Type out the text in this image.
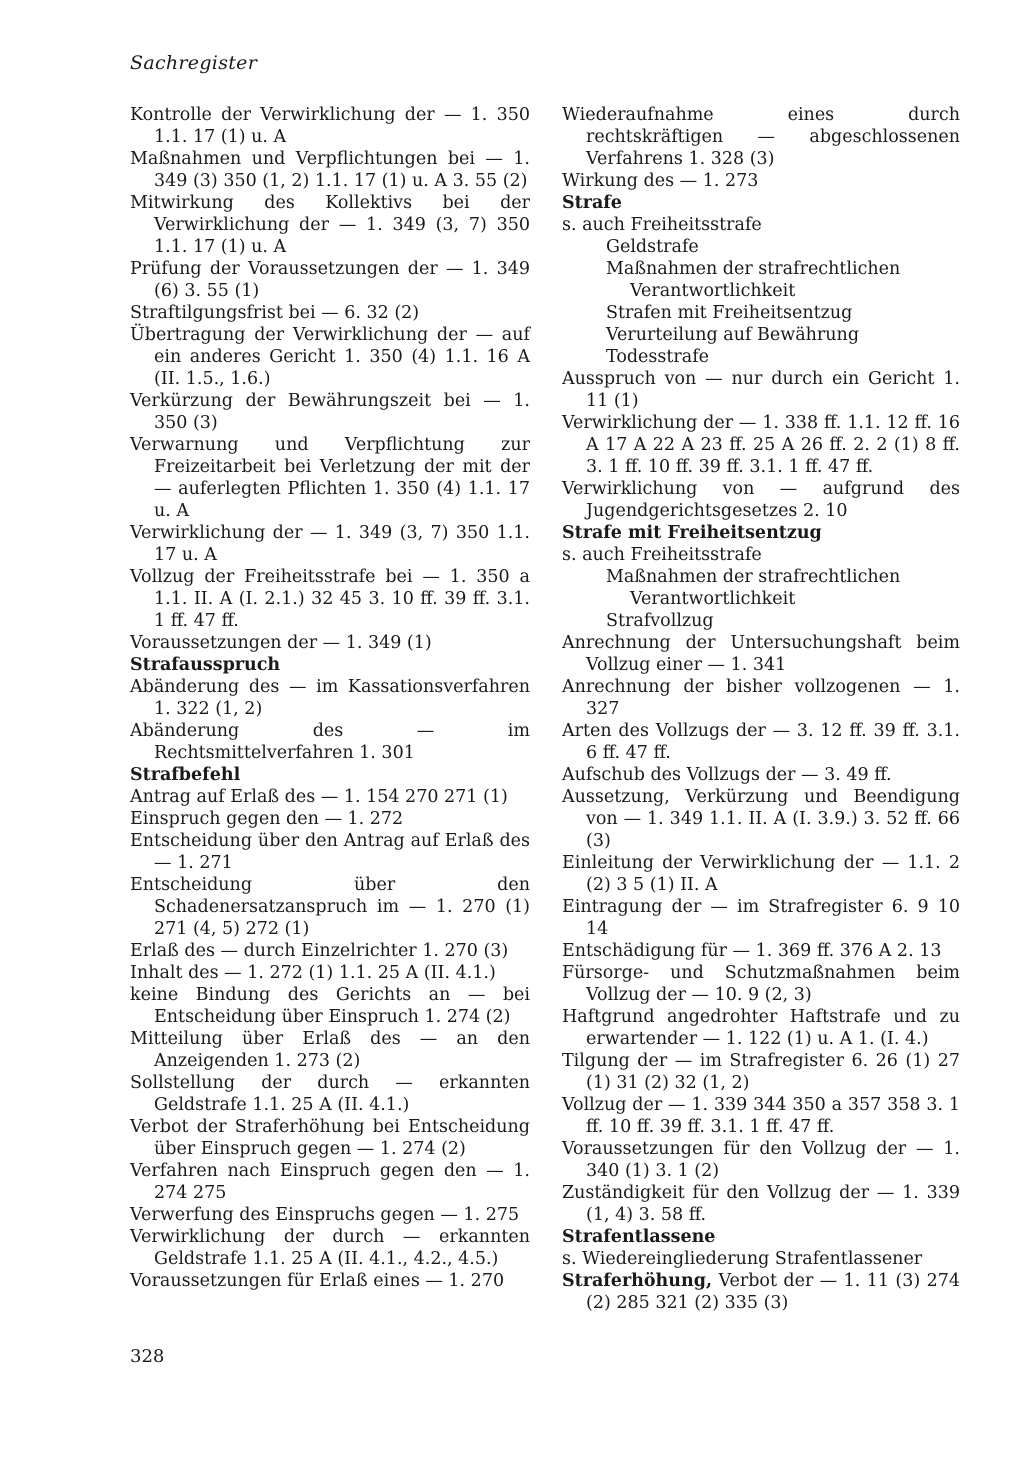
Sachregister
Kontrolle der Verwirklichung der — 1. 350 1.1. 17 (1) u. A
Maßnahmen und Verpflichtungen bei — 1. 349 (3) 350 (1, 2) 1.1. 17 (1) u. A 3. 55 (2)
Mitwirkung des Kollektivs bei der Verwirklichung der — 1. 349 (3, 7) 350 1.1. 17 (1) u. A
Prüfung der Voraussetzungen der — 1. 349 (6) 3. 55 (1)
Straftilgungsfrist bei — 6. 32 (2)
Übertragung der Verwirklichung der — auf ein anderes Gericht 1. 350 (4) 1.1. 16 A (II. 1.5., 1.6.)
Verkürzung der Bewährungszeit bei — 1. 350 (3)
Verwarnung und Verpflichtung zur Freizeitarbeit bei Verletzung der mit der — auferlegten Pflichten 1. 350 (4) 1.1. 17 u. A
Verwirklichung der — 1. 349 (3, 7) 350 1.1. 17 u. A
Vollzug der Freiheitsstrafe bei — 1. 350 a 1.1. II. A (I. 2.1.) 32 45 3. 10 ff. 39 ff. 3.1. 1 ff. 47 ff.
Voraussetzungen der — 1. 349 (1)
Strafausspruch
Abänderung des — im Kassationsverfahren 1. 322 (1, 2)
Abänderung des — im Rechtsmittelverfahren 1. 301
Strafbefehl
Antrag auf Erlaß des — 1. 154 270 271 (1)
Einspruch gegen den — 1. 272
Entscheidung über den Antrag auf Erlaß des — 1. 271
Entscheidung über den Schadenersatzanspruch im — 1. 270 (1) 271 (4, 5) 272 (1)
Erlaß des — durch Einzelrichter 1. 270 (3)
Inhalt des — 1. 272 (1) 1.1. 25 A (II. 4.1.)
keine Bindung des Gerichts an — bei Entscheidung über Einspruch 1. 274 (2)
Mitteilung über Erlaß des — an den Anzeigenden 1. 273 (2)
Sollstellung der durch — erkannten Geldstrafe 1.1. 25 A (II. 4.1.)
Verbot der Straferhöhung bei Entscheidung über Einspruch gegen — 1. 274 (2)
Verfahren nach Einspruch gegen den — 1. 274 275
Verwerfung des Einspruchs gegen — 1. 275
Verwirklichung der durch — erkannten Geldstrafe 1.1. 25 A (II. 4.1., 4.2., 4.5.)
Voraussetzungen für Erlaß eines — 1. 270
Wiederaufnahme eines durch rechtskräftigen — abgeschlossenen Verfahrens 1. 328 (3)
Wirkung des — 1. 273
Strafe
s. auch Freiheitsstrafe
Geldstrafe
Maßnahmen der strafrechtlichen Verantwortlichkeit
Strafen mit Freiheitsentzug
Verurteilung auf Bewährung
Todesstrafe
Ausspruch von — nur durch ein Gericht 1. 11 (1)
Verwirklichung der — 1. 338 ff. 1.1. 12 ff. 16 A 17 A 22 A 23 ff. 25 A 26 ff. 2. 2 (1) 8 ff. 3. 1 ff. 10 ff. 39 ff. 3.1. 1 ff. 47 ff.
Verwirklichung von — aufgrund des Jugendgerichtsgesetzes 2. 10
Strafe mit Freiheitsentzug
s. auch Freiheitsstrafe
Maßnahmen der strafrechtlichen Verantwortlichkeit
Strafvollzug
Anrechnung der Untersuchungshaft beim Vollzug einer — 1. 341
Anrechnung der bisher vollzogenen — 1. 327
Arten des Vollzugs der — 3. 12 ff. 39 ff. 3.1. 6 ff. 47 ff.
Aufschub des Vollzugs der — 3. 49 ff.
Aussetzung, Verkürzung und Beendigung von — 1. 349 1.1. II. A (I. 3.9.) 3. 52 ff. 66 (3)
Einleitung der Verwirklichung der — 1.1. 2 (2) 3 5 (1) II. A
Eintragung der — im Strafregister 6. 9 10 14
Entschädigung für — 1. 369 ff. 376 A 2. 13
Fürsorge- und Schutzmaßnahmen beim Vollzug der — 10. 9 (2, 3)
Haftgrund angedrohter Haftstrafe und zu erwartender — 1. 122 (1) u. A 1. (I. 4.)
Tilgung der — im Strafregister 6. 26 (1) 27 (1) 31 (2) 32 (1, 2)
Vollzug der — 1. 339 344 350 a 357 358 3. 1 ff. 10 ff. 39 ff. 3.1. 1 ff. 47 ff.
Voraussetzungen für den Vollzug der — 1. 340 (1) 3. 1 (2)
Zuständigkeit für den Vollzug der — 1. 339 (1, 4) 3. 58 ff.
Strafentlassene
s. Wiedereingliederung Strafentlassener
Straferhöhung, Verbot der — 1. 11 (3) 274 (2) 285 321 (2) 335 (3)
328
